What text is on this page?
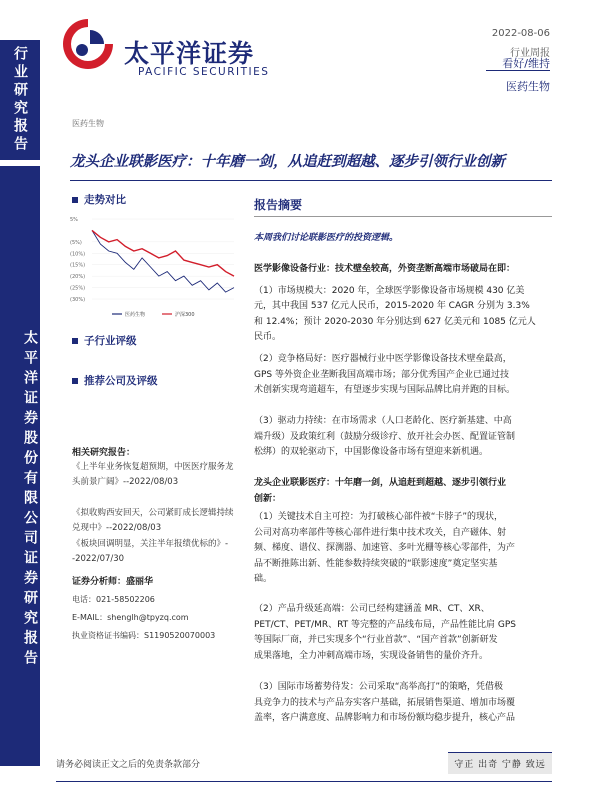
行业研究报告
太平洋证券股份有限公司证券研究报告
太平洋证券
PACIFIC SECURITIES
2022-08-06
行业周报
看好/维持
医药生物
医药生物
龙头企业联影医疗：十年磨一剑，从追赶到超越、逐步引领行业创新
走势对比
5%
(5%)
(10%)
(15%)
(20%)
(25%)
(30%)
医药生物	沪深300
子行业评级
推荐公司及评级
相关研究报告：
《上半年业务恢复超预期，中医医疗服务龙头前景广阔》--2022/08/03
《拟收购西安回天，公司紧盯成长逻辑持续兑现中》--2022/08/03
《板块回调明显，关注半年报绩优标的》--2022/07/30
证券分析师：盛丽华
电话：021-58502206
E-MAIL：shenglh@tpyzq.com
执业资格证书编码：S1190520070003
报告摘要
本周我们讨论联影医疗的投资逻辑。
医学影像设备行业：技术壁垒较高，外资垄断高端市场破局在即：
（1）市场规模大：2020 年，全球医学影像设备市场规模 430 亿美
元，其中我国 537 亿元人民币，2015-2020 年 CAGR 分别为 3.3%
和 12.4%；预计 2020-2030 年分别达到 627 亿美元和 1085 亿元人
民币。
（2）竞争格局好：医疗器械行业中医学影像设备技术壁垒最高，
GPS 等外资企业垄断我国高端市场；部分优秀国产企业已通过技
术创新实现弯道超车，有望逐步实现与国际品牌比肩并跑的目标。
（3）驱动力持续：在市场需求（人口老龄化、医疗新基建、中高
端升级）及政策红利（鼓励分级诊疗、放开社会办医、配置证管制
松绑）的双轮驱动下，中国影像设备市场有望迎来新机遇。
龙头企业联影医疗：十年磨一剑，从追赶到超越、逐步引领行业
创新：
（1）关键技术自主可控：为打破核心部件被“卡脖子”的现状，
公司对高功率部件等核心部件进行集中技术攻关，自产磁体、射
频、梯度、谱仪、探测器、加速管、多叶光栅等核心零部件，为产
品不断推陈出新、性能参数持续突破的“联影速度”奠定坚实基
础。
（2）产品升级延高端：公司已经构建涵盖 MR、CT、XR、
PET/CT、PET/MR、RT 等完整的产品线布局，产品性能比肩 GPS
等国际厂商，并已实现多个“行业首款”、“国产首款”创新研发
成果落地，全力冲刺高端市场，实现设备销售的量价齐升。
（3）国际市场蓄势待发：公司采取“高举高打”的策略，凭借极
具竞争力的技术与产品夯实客户基础，拓展销售渠道、增加市场覆
盖率，客户满意度、品牌影响力和市场份额均稳步提升，核心产品
请务必阅读正文之后的免责条款部分	守正 出奇 宁静 致远
